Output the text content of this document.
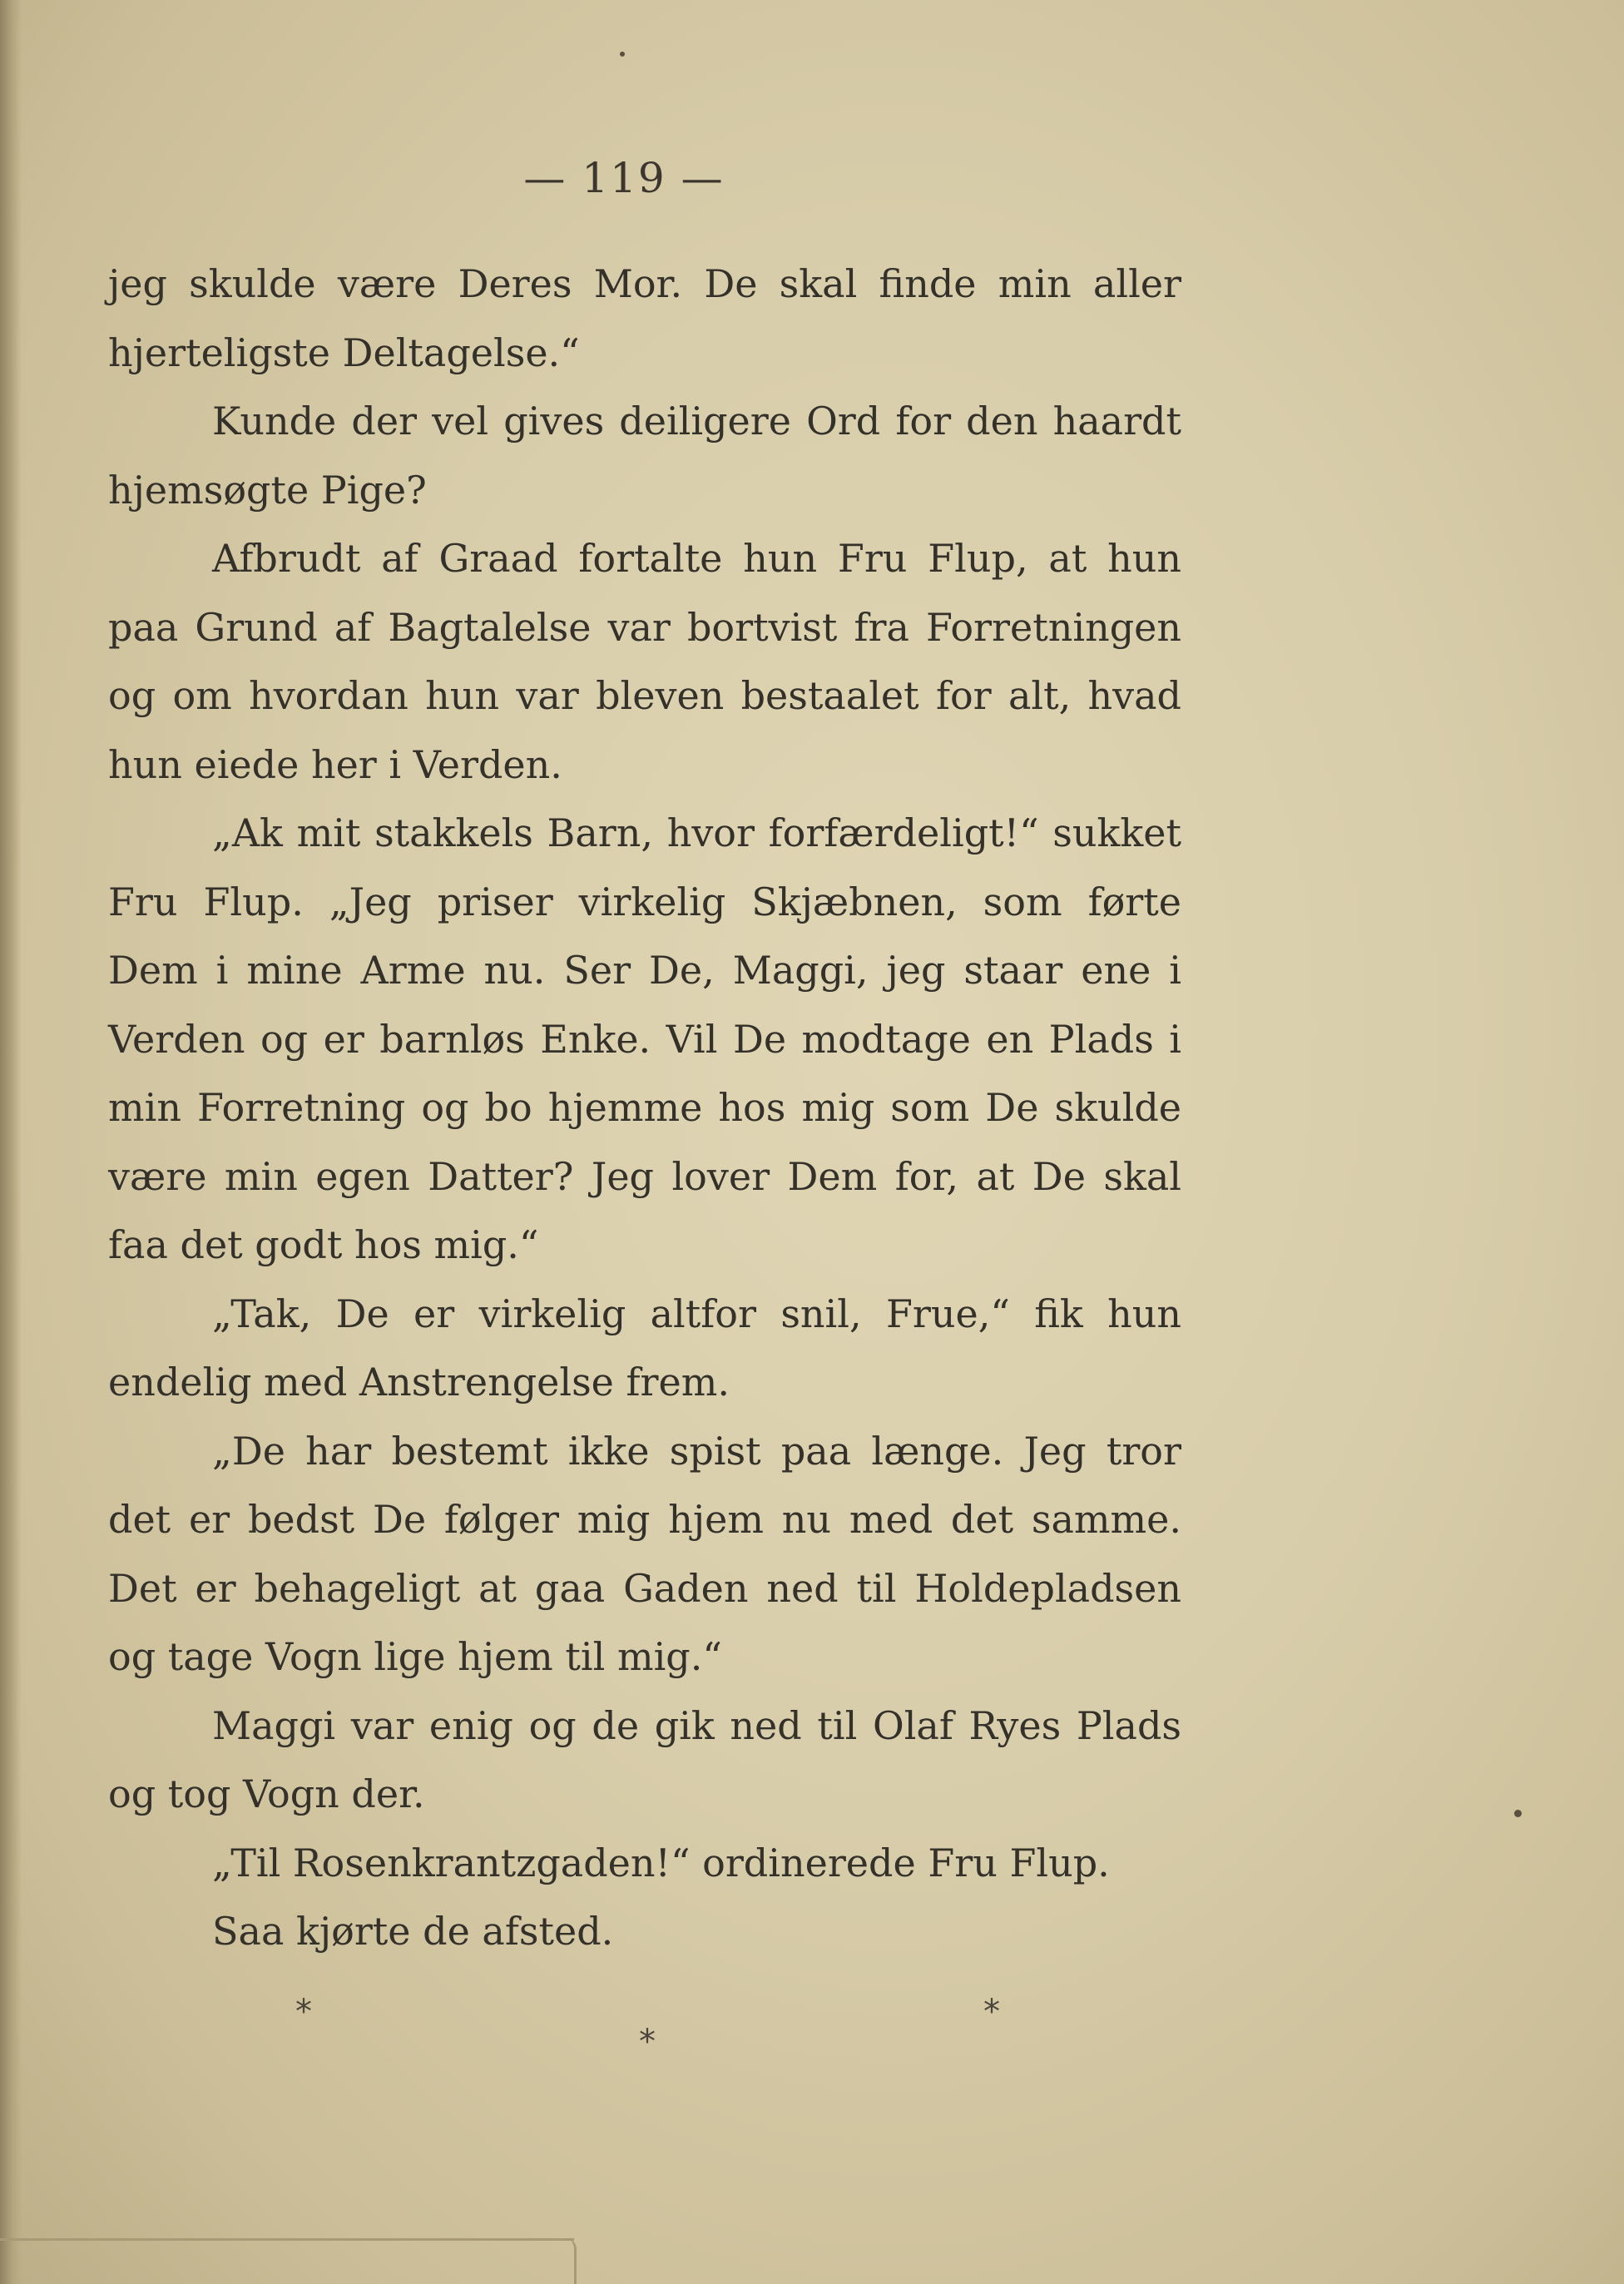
— 119 —

jeg skulde være Deres Mor. De skal finde min aller hjerteligste Deltagelse.“

Kunde der vel gives deiligere Ord for den haardt hjemsøgte Pige?

Afbrudt af Graad fortalte hun Fru Flup, at hun paa Grund af Bagtalelse var bortvist fra Forretningen og om hvordan hun var bleven bestaalet for alt, hvad hun eiede her i Verden.

„Ak mit stakkels Barn, hvor forfærdeligt!“ sukket Fru Flup. „Jeg priser virkelig Skjæbnen, som førte Dem i mine Arme nu. Ser De, Maggi, jeg staar ene i Verden og er barnløs Enke. Vil De modtage en Plads i min Forretning og bo hjemme hos mig som De skulde være min egen Datter? Jeg lover Dem for, at De skal faa det godt hos mig.“

„Tak, De er virkelig altfor snil, Frue,“ fik hun endelig med Anstrengelse frem.

„De har bestemt ikke spist paa længe. Jeg tror det er bedst De følger mig hjem nu med det samme. Det er behageligt at gaa Gaden ned til Holdepladsen og tage Vogn lige hjem til mig.“

Maggi var enig og de gik ned til Olaf Ryes Plads og tog Vogn der.

„Til Rosenkrantzgaden!“ ordinerede Fru Flup.

Saa kjørte de afsted.

*
*
*
